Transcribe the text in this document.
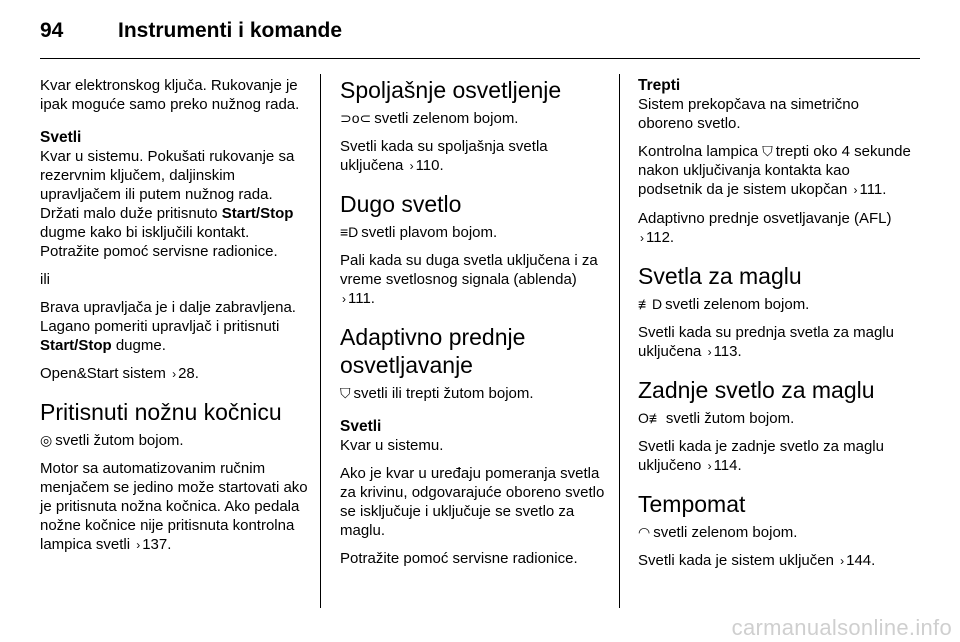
94	Instrumenti i komande

Kvar elektronskog ključa. Rukovanje je ipak moguće samo preko nužnog rada.

Svetli

Kvar u sistemu. Pokušati rukovanje sa rezervnim ključem, daljinskim upravljačem ili putem nužnog rada. Držati malo duže pritisnuto Start/Stop dugme kako bi isključili kontakt. Potražite pomoć servisne radionice.

ili

Brava upravljača je i dalje zabravljena. Lagano pomeriti upravljač i pritisnuti Start/Stop dugme.

Open&Start sistem › 28.

Pritisnuti nožnu kočnicu

◎ svetli žutom bojom.

Motor sa automatizovanim ručnim menjačem se jedino može startovati ako je pritisnuta nožna kočnica. Ako pedala nožne kočnice nije pritisnuta kontrolna lampica svetli › 137.

Spoljašnje osvetljenje

⊃o⊂ svetli zelenom bojom.

Svetli kada su spoljašnja svetla uključena › 110.

Dugo svetlo

≡D svetli plavom bojom.

Pali kada su duga svetla uključena i za vreme svetlosnog signala (ablenda) › 111.

Adaptivno prednje osvetljavanje

⛉ svetli ili trepti žutom bojom.

Svetli

Kvar u sistemu.

Ako je kvar u uređaju pomeranja svetla za krivinu, odgovarajuće oboreno svetlo se isključuje i uključuje se svetlo za maglu.

Potražite pomoć servisne radionice.

Trepti

Sistem prekopčava na simetrično oboreno svetlo.

Kontrolna lampica ⛉ trepti oko 4 sekunde nakon uključivanja kontakta kao podsetnik da je sistem ukopčan › 111.

Adaptivno prednje osvetljavanje (AFL) › 112.

Svetla za maglu

≢D svetli zelenom bojom.

Svetli kada su prednja svetla za maglu uključena › 113.

Zadnje svetlo za maglu

O≢ svetli žutom bojom.

Svetli kada je zadnje svetlo za maglu uključeno › 114.

Tempomat

◠ svetli zelenom bojom.

Svetli kada je sistem uključen › 144.

carmanualsonline.info
